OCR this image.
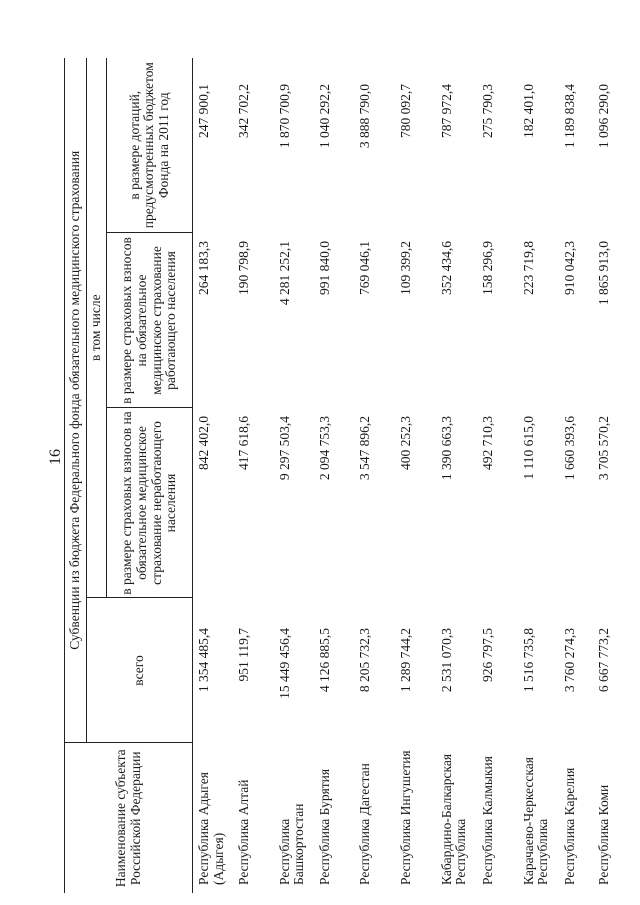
16
Наименование субъекта Российской Федерации	Субвенции из бюджета Федерального фонда обязательного медицинского страхования			
	всего	в том числе		
		в размере страховых взносов на обязательное медицинское страхование неработающего населения	в размере страховых взносов на обязательное медицинское страхование работающего населения	в размере дотаций, предусмотренных бюджетом Фонда на 2011 год
Республика Адыгея (Адыгея)	1 354 485,4	842 402,0	264 183,3	247 900,1
Республика Алтай	951 119,7	417 618,6	190 798,9	342 702,2
Республика Башкортостан	15 449 456,4	9 297 503,4	4 281 252,1	1 870 700,9
Республика Бурятия	4 126 885,5	2 094 753,3	991 840,0	1 040 292,2
Республика Дагестан	8 205 732,3	3 547 896,2	769 046,1	3 888 790,0
Республика Ингушетия	1 289 744,2	400 252,3	109 399,2	780 092,7
Кабардино-Балкарская Республика	2 531 070,3	1 390 663,3	352 434,6	787 972,4
Республика Калмыкия	926 797,5	492 710,3	158 296,9	275 790,3
Карачаево-Черкесская Республика	1 516 735,8	1 110 615,0	223 719,8	182 401,0
Республика Карелия	3 760 274,3	1 660 393,6	910 042,3	1 189 838,4
Республика Коми	6 667 773,2	3 705 570,2	1 865 913,0	1 096 290,0
